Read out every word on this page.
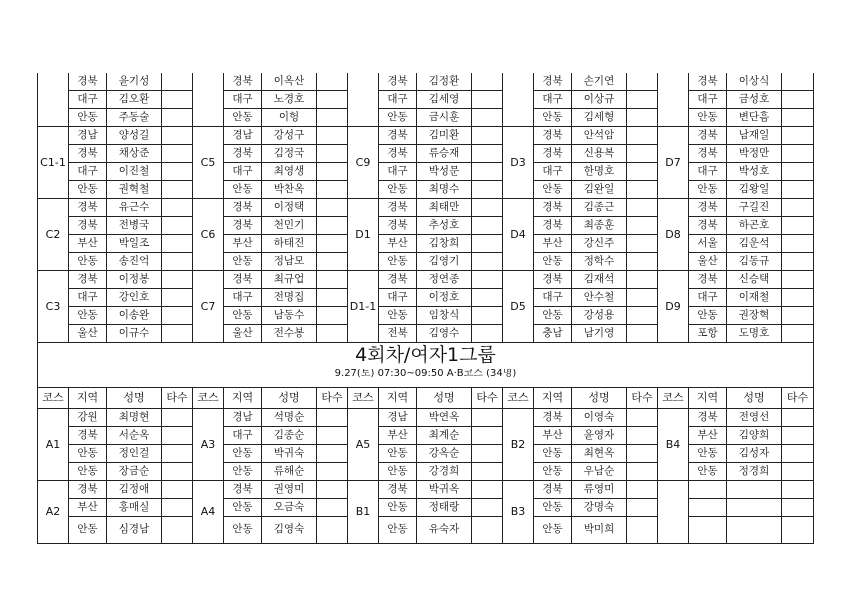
	경북	윤기성			경북	이옥산			경북	김정환			경북	손기연			경북	이상식	
	대구	김오환			대구	노경호			대구	김세영			대구	이상규			대구	금성호	
	안동	주동술			안동	이헝			안동	금시훈			안동	김세형			안동	변단흠	
C1-1	경남	양성길		C5	경남	강성구		C9	경북	김미환		D3	경북	안석암		D7	경북	남재일	
	경북	채상준			경북	김정국			경북	류승재			경북	신용복			경북	박정만	
	대구	이진철			대구	최영생			대구	박성문			대구	한명호			대구	박성호	
	안동	권혁철			안동	박찬옥			안동	최명수			안동	김완일			안동	김왕일	
C2	경북	유근수		C6	경북	이정택		D1	경북	최태만		D4	경북	김종근		D8	경북	구길진	
	경북	전병국			경북	천민기			경북	추성호			경북	최종훈			경북	하곤호	
	부산	박일조			부산	하태진			부산	김창희			부산	강신주			서울	김운석	
	안동	송진억			안동	정남모			안동	김영기			안동	정학수			울산	김동규	
C3	경북	이정봉		C7	경북	최규업		D1-1	경북	정연종		D5	경북	김재석		D9	경북	신승택	
	대구	강인호			대구	전명집			대구	이정호			대구	안수철			대구	이재철	
	안동	이송완			안동	남동수			안동	임창식			안동	강성용			안동	권장혁	
	울산	이규수			울산	전수봉			전북	김영수			충남	남기영			포항	도명호	
4회차/여자1그룹																			
9.27(토) 07:30~09:50 A·B코스 (34명)																			
코스	지역	성명	타수	코스	지역	성명	타수	코스	지역	성명	타수	코스	지역	성명	타수	코스	지역	성명	타수
A1	강원	최명현		A3	경남	석명순		A5	경남	박연옥		B2	경북	이영숙		B4	경북	전영선	
	경북	서순옥			대구	김종순			부산	최계순			부산	윤영자			부산	김양희	
	안동	정인걸			안동	박귀숙			안동	강옥순			안동	최현옥			안동	김성자	
	안동	장금순			안동	류해순			안동	강경희			안동	우남순			안동	정경희	
A2	경북	김정애		A4	경북	권영미		B1	경북	박귀옥		B3	경북	류영미					
	부산	홍매실			안동	오금숙			안동	정태랑			안동	강명숙					
	안동	심경남			안동	김영숙			안동	유숙자			안동	박미희					
